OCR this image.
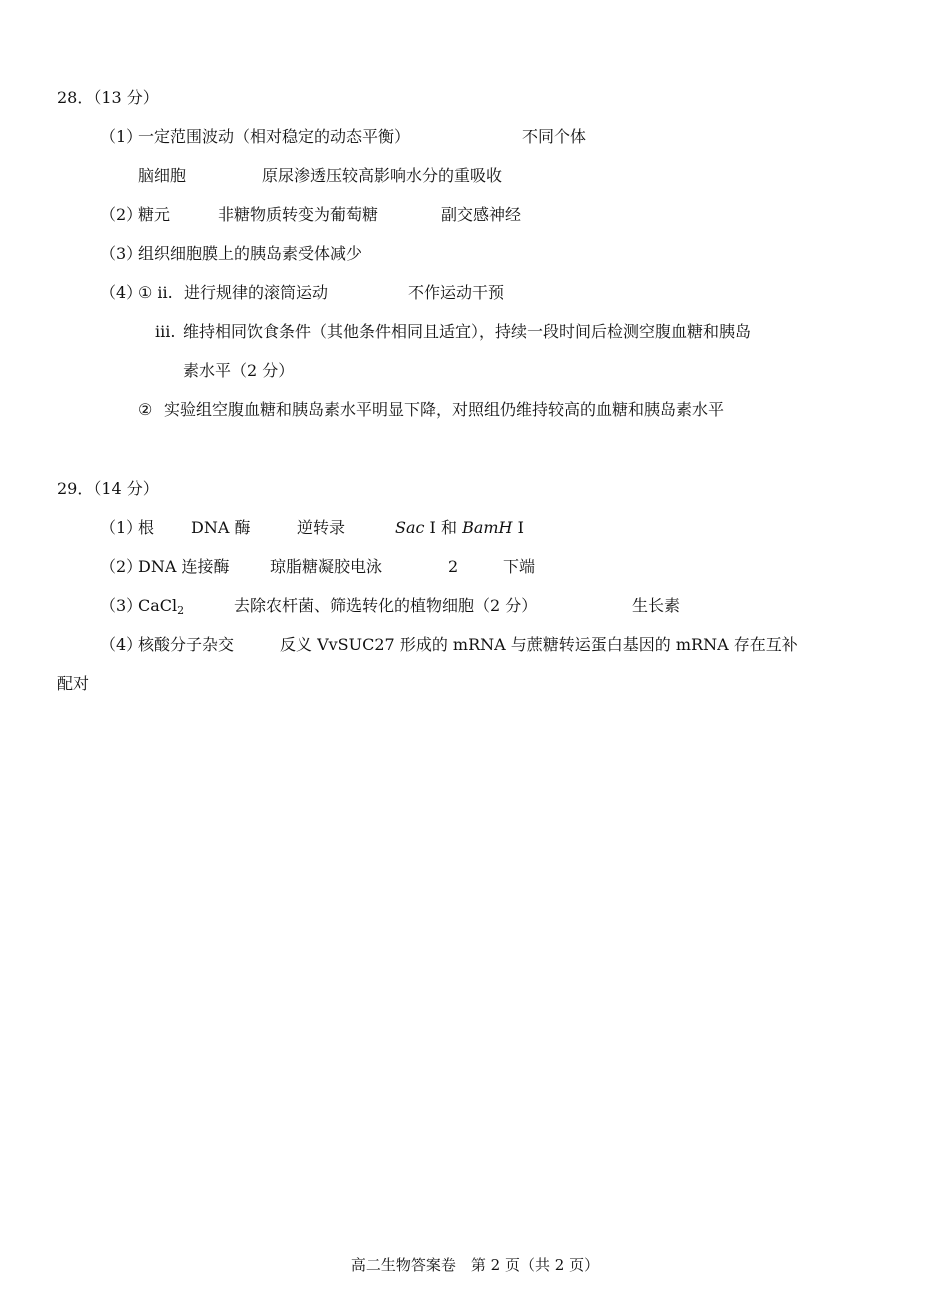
28．（13 分）
（1）
一定范围波动（相对稳定的动态平衡）	不同个体
脑细胞	原尿渗透压较高影响水分的重吸收
（2）
糖元	非糖物质转变为葡萄糖	副交感神经
（3）
组织细胞膜上的胰岛素受体减少
（4）
① ii. 进行规律的滚筒运动	不作运动干预
iii. 维持相同饮食条件（其他条件相同且适宜），持续一段时间后检测空腹血糖和胰岛
素水平（2 分）
② 实验组空腹血糖和胰岛素水平明显下降，对照组仍维持较高的血糖和胰岛素水平
29．（14 分）
（1）
根 DNA 酶	逆转录	Sac I 和 BamH I
（2）
DNA 连接酶	琼脂糖凝胶电泳	2	下端
（3）
CaCl$_2$	去除农杆菌、筛选转化的植物细胞（2 分）	生长素
（4）
核酸分子杂交	反义 VvSUC27 形成的 mRNA 与蔗糖转运蛋白基因的 mRNA 存在互补
配对
高二生物答案卷　第 2 页（共 2 页）
